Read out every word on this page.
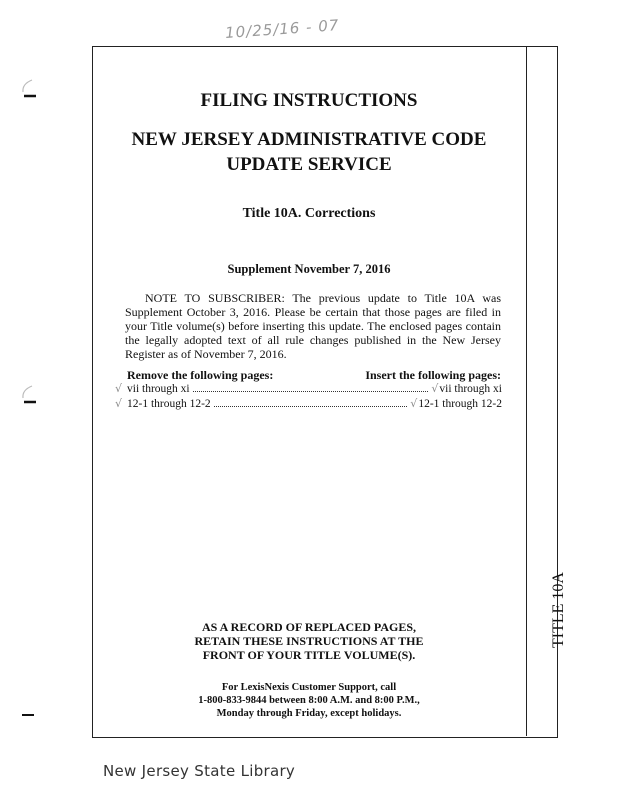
10/25/16 - 07
FILING INSTRUCTIONS
NEW JERSEY ADMINISTRATIVE CODE
UPDATE SERVICE
Title 10A. Corrections
Supplement November 7, 2016
NOTE TO SUBSCRIBER: The previous update to Title 10A was Supplement October 3, 2016. Please be certain that those pages are filed in your Title volume(s) before inserting this update. The enclosed pages contain the legally adopted text of all rule changes published in the New Jersey Register as of November 7, 2016.
Remove the following pages:	Insert the following pages:
√ vii through xi	√ vii through xi
√ 12-1 through 12-2	√ 12-1 through 12-2
AS A RECORD OF REPLACED PAGES,
RETAIN THESE INSTRUCTIONS AT THE
FRONT OF YOUR TITLE VOLUME(S).
For LexisNexis Customer Support, call
1-800-833-9844 between 8:00 A.M. and 8:00 P.M.,
Monday through Friday, except holidays.
TITLE 10A
New Jersey State Library
